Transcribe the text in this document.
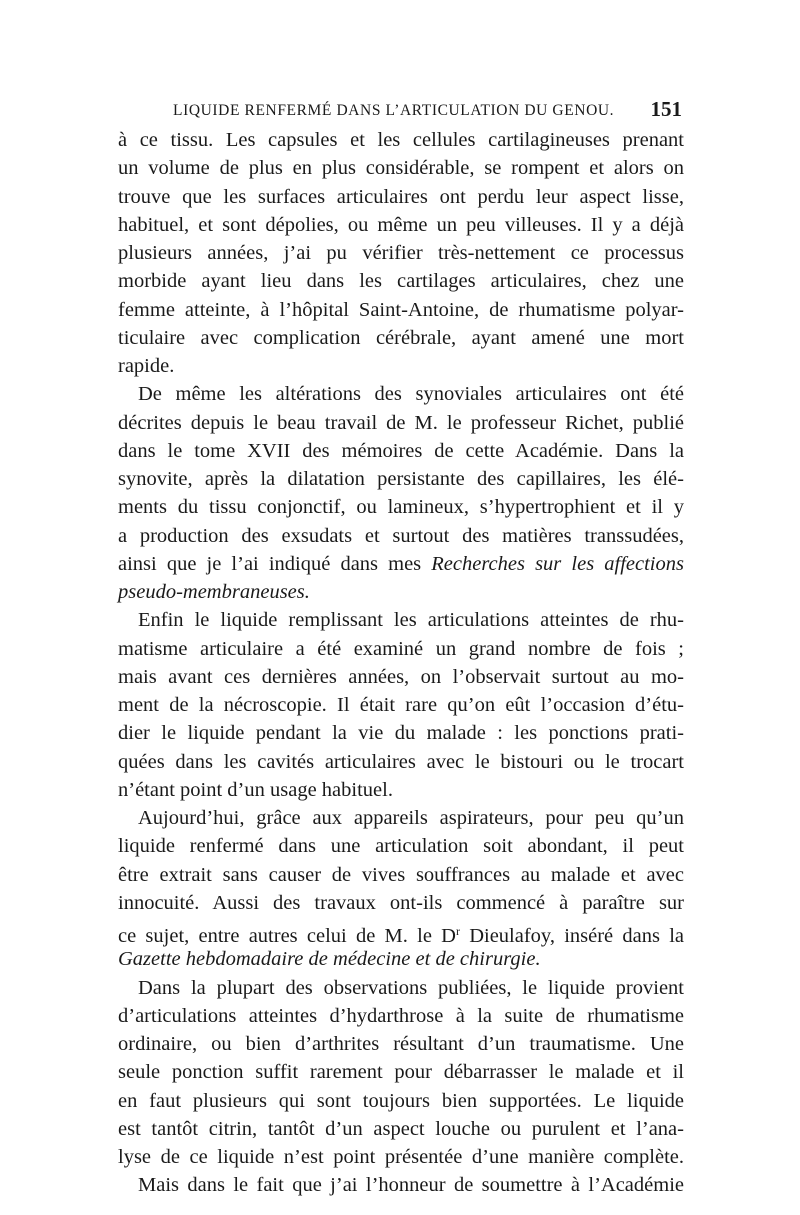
LIQUIDE RENFERMÉ DANS L’ARTICULATION DU GENOU. 151
à ce tissu. Les capsules et les cellules cartilagineuses prenant
un volume de plus en plus considérable, se rompent et alors on
trouve que les surfaces articulaires ont perdu leur aspect lisse,
habituel, et sont dépolies, ou même un peu villeuses. Il y a déjà
plusieurs années, j’ai pu vérifier très-nettement ce processus
morbide ayant lieu dans les cartilages articulaires, chez une
femme atteinte, à l’hôpital Saint-Antoine, de rhumatisme polyar-
ticulaire avec complication cérébrale, ayant amené une mort
rapide.
De même les altérations des synoviales articulaires ont été
décrites depuis le beau travail de M. le professeur Richet, publié
dans le tome XVII des mémoires de cette Académie. Dans la
synovite, après la dilatation persistante des capillaires, les élé-
ments du tissu conjonctif, ou lamineux, s’hypertrophient et il y
a production des exsudats et surtout des matières transsudées,
ainsi que je l’ai indiqué dans mes Recherches sur les affections
pseudo-membraneuses.
Enfin le liquide remplissant les articulations atteintes de rhu-
matisme articulaire a été examiné un grand nombre de fois ;
mais avant ces dernières années, on l’observait surtout au mo-
ment de la nécroscopie. Il était rare qu’on eût l’occasion d’étu-
dier le liquide pendant la vie du malade : les ponctions prati-
quées dans les cavités articulaires avec le bistouri ou le trocart
n’étant point d’un usage habituel.
Aujourd’hui, grâce aux appareils aspirateurs, pour peu qu’un
liquide renfermé dans une articulation soit abondant, il peut
être extrait sans causer de vives souffrances au malade et avec
innocuité. Aussi des travaux ont-ils commencé à paraître sur
ce sujet, entre autres celui de M. le $D^r$ Dieulafoy, inséré dans la
Gazette hebdomadaire de médecine et de chirurgie.
Dans la plupart des observations publiées, le liquide provient
d’articulations atteintes d’hydarthrose à la suite de rhumatisme
ordinaire, ou bien d’arthrites résultant d’un traumatisme. Une
seule ponction suffit rarement pour débarrasser le malade et il
en faut plusieurs qui sont toujours bien supportées. Le liquide
est tantôt citrin, tantôt d’un aspect louche ou purulent et l’ana-
lyse de ce liquide n’est point présentée d’une manière complète.
Mais dans le fait que j’ai l’honneur de soumettre à l’Académie
